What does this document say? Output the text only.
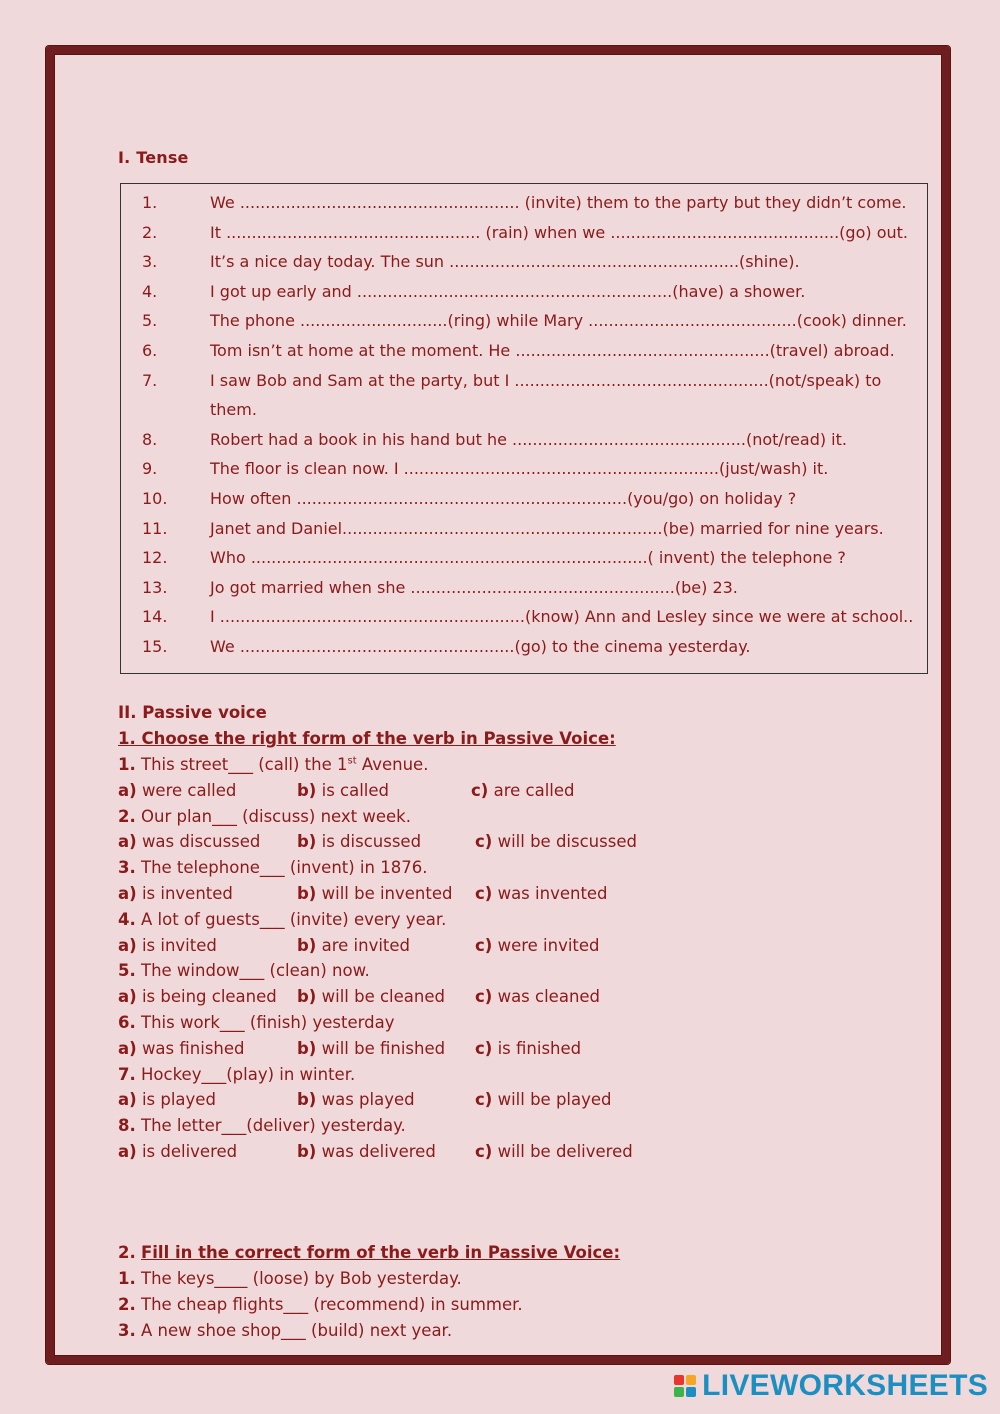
I. Tense
1.	We ....................................................... (invite) them to the party but they didn’t come.
2.	It .................................................. (rain) when we .............................................(go) out.
3.	It’s a nice day today. The sun .........................................................(shine).
4.	I got up early and ..............................................................(have) a shower.
5.	The phone .............................(ring) while Mary .........................................(cook) dinner.
6.	Tom isn’t at home at the moment. He ..................................................(travel) abroad.
7.	I saw Bob and Sam at the party, but I ..................................................(not/speak) to
them.
8.	Robert had a book in his hand but he ..............................................(not/read) it.
9.	The floor is clean now. I ..............................................................(just/wash) it.
10.	How often .................................................................(you/go) on holiday ?
11.	Janet and Daniel...............................................................(be) married for nine years.
12.	Who ..............................................................................( invent) the telephone ?
13.	Jo got married when she ....................................................(be) 23.
14.	I ............................................................(know) Ann and Lesley since we were at school..
15.	We ......................................................(go) to the cinema yesterday.
II. Passive voice
1. Choose the right form of the verb in Passive Voice:
1. This street___ (call) the 1st Avenue.
a) were called	b) is called	c) are called
2. Our plan___ (discuss) next week.
a) was discussed b) is discussed	c) will be discussed
3. The telephone___ (invent) in 1876.
a) is invented	b) will be invented c) was invented
4. A lot of guests___ (invite) every year.
a) is invited	b) are invited	c) were invited
5. The window___ (clean) now.
a) is being cleaned b) will be cleaned c) was cleaned
6. This work___ (finish) yesterday
a) was finished	b) will be finished c) is finished
7. Hockey___(play) in winter.
a) is played	b) was played	c) will be played
8. The letter___(deliver) yesterday.
a) is delivered	b) was delivered c) will be delivered
2. Fill in the correct form of the verb in Passive Voice:
1. The keys____ (loose) by Bob yesterday.
2. The cheap flights___ (recommend) in summer.
3. A new shoe shop___ (build) next year.
LIVEWORKSHEETS
